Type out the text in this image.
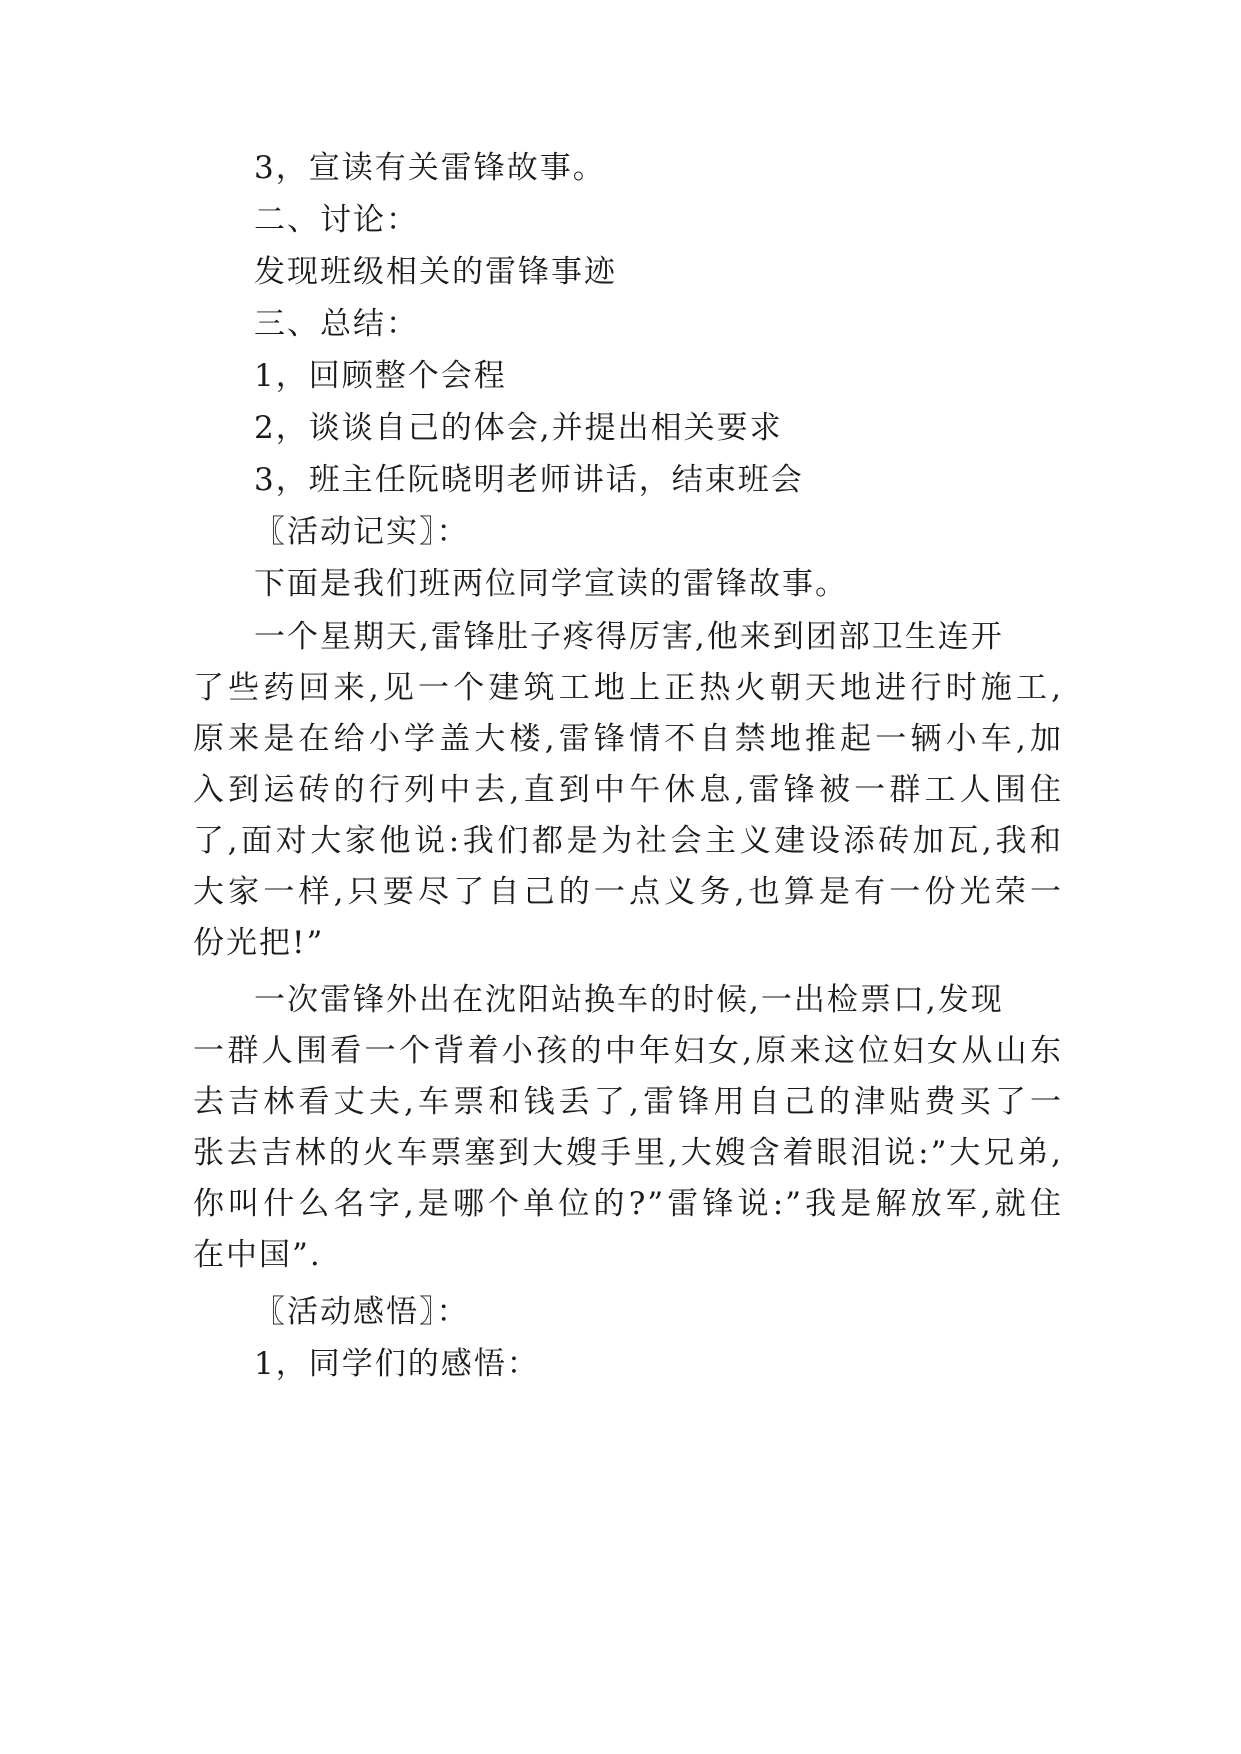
3，宣读有关雷锋故事。
二、讨论：
发现班级相关的雷锋事迹
三、总结：
1，回顾整个会程
2，谈谈自己的体会,并提出相关要求
3，班主任阮晓明老师讲话，结束班会
〖活动记实〗：
下面是我们班两位同学宣读的雷锋故事。
一个星期天,雷锋肚子疼得厉害,他来到团部卫生连开
了些药回来,见一个建筑工地上正热火朝天地进行时施工,
原来是在给小学盖大楼,雷锋情不自禁地推起一辆小车,加
入到运砖的行列中去,直到中午休息,雷锋被一群工人围住
了,面对大家他说:我们都是为社会主义建设添砖加瓦,我和
大家一样,只要尽了自己的一点义务,也算是有一份光荣一
份光把!”
一次雷锋外出在沈阳站换车的时候,一出检票口,发现
一群人围看一个背着小孩的中年妇女,原来这位妇女从山东
去吉林看丈夫,车票和钱丢了,雷锋用自己的津贴费买了一
张去吉林的火车票塞到大嫂手里,大嫂含着眼泪说:”大兄弟,
你叫什么名字,是哪个单位的?”雷锋说:”我是解放军,就住
在中国”.
〖活动感悟〗：
1，同学们的感悟：
